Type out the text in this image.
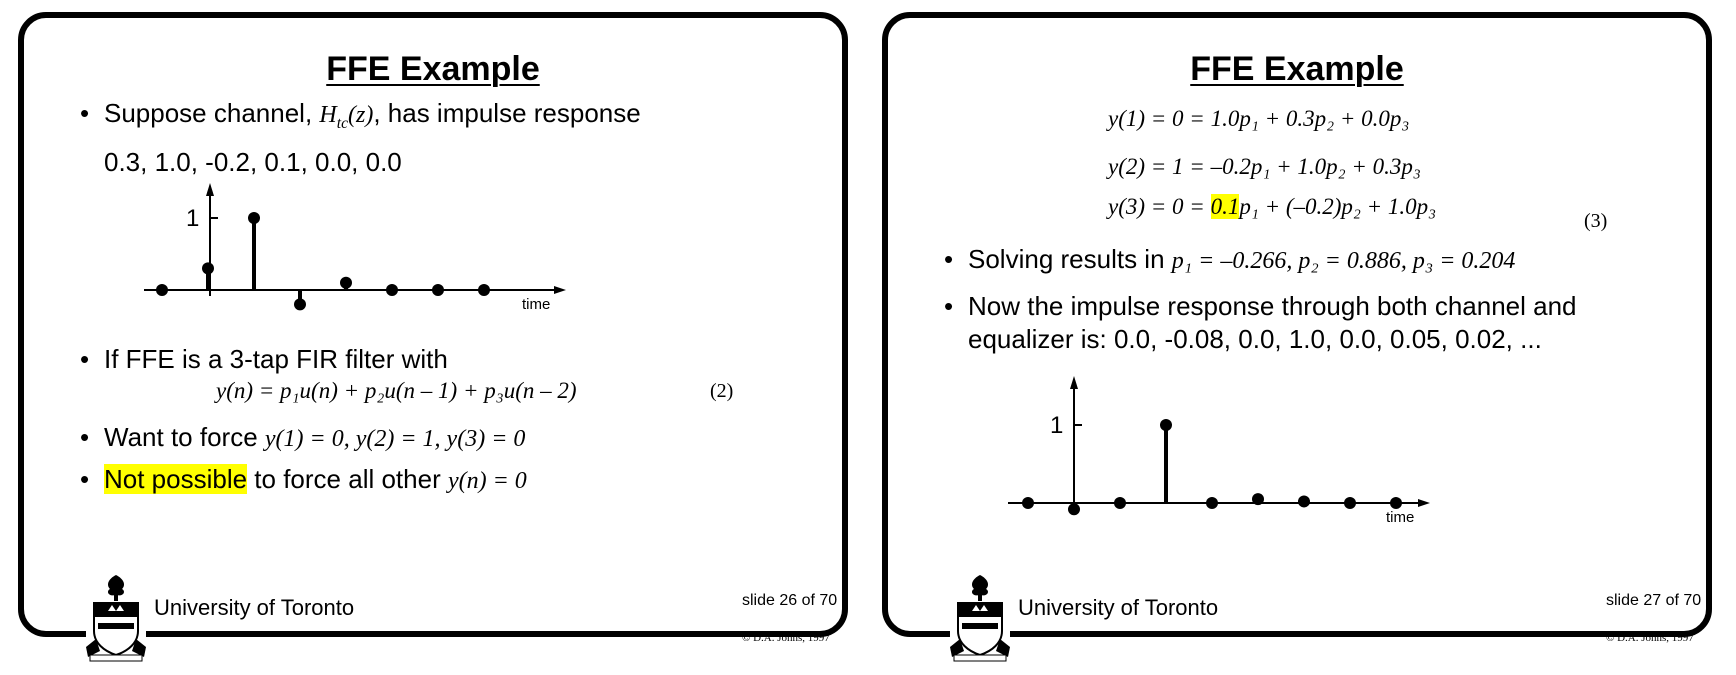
FFE Example
• Suppose channel, $H_{tc}(z)$, has impulse response
0.3, 1.0, -0.2, 0.1, 0.0, 0.0
1
time
• If FFE is a 3-tap FIR filter with
y(n) = p₁u(n) + p₂u(n – 1) + p₃u(n – 2)	(2)
• Want to force y(1) = 0, y(2) = 1, y(3) = 0
• Not possible to force all other y(n) = 0
University of Toronto	slide 26 of 70
© D.A. Johns, 1997
FFE Example
y(1) = 0 = 1.0p₁ + 0.3p₂ + 0.0p₃
y(2) = 1 = –0.2p₁ + 1.0p₂ + 0.3p₃
y(3) = 0 = 0.1p₁ + (–0.2)p₂ + 1.0p₃
(3)
• Solving results in p₁ = –0.266, p₂ = 0.886, p₃ = 0.204
• Now the impulse response through both channel and
equalizer is: 0.0, -0.08, 0.0, 1.0, 0.0, 0.05, 0.02, ...
1
time
University of Toronto	slide 27 of 70
© D.A. Johns, 1997
